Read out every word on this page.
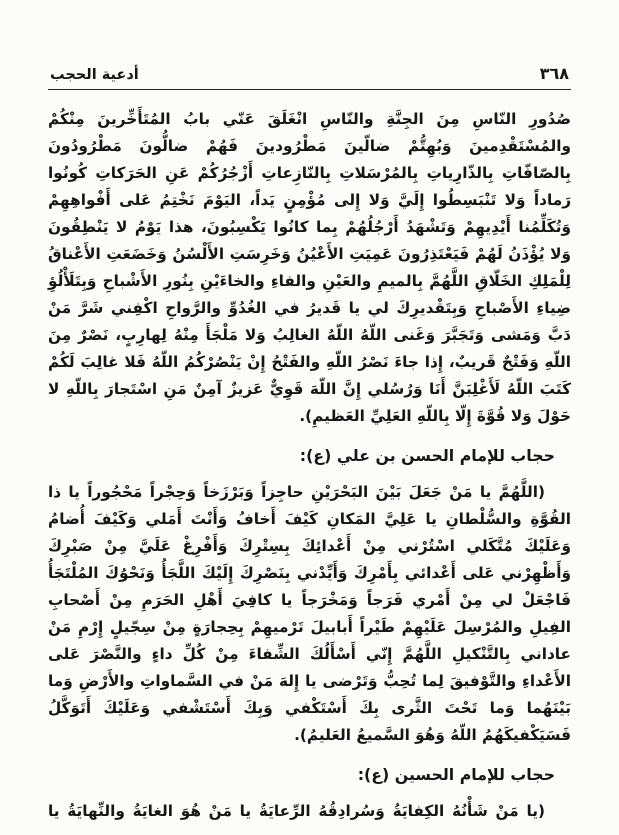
٣٦٨
أدعية الحجب

صُدُورِ النّاسِ مِنَ الجِنَّةِ والنّاسِ انْغَلَقَ عَنّي بابُ المُتَأَخِّرينَ مِنْكُمْ والمُسْتَقْدِمينَ وَبُهِتُّمْ ضالّينَ مَطْرُودينَ فَهُمْ ضالُّونَ مَطْرُودُونَ بِالصّافّاتِ بِالذّارِياتِ بِالمُرْسَلاتِ بِالنّازِعاتِ أَزْجُرُكُمْ عَنِ الحَرَكاتِ كُونُوا رَماداً وَلا تَنْبَسِطُوا إِلَيَّ وَلا إِلى مُؤْمِنٍ يَداً، اليَوْمَ نَخْتِمُ عَلى أَفْواهِهِمْ وَتُكَلِّمُنا أَيْدِيهِمْ وَتَشْهَدُ أَرْجُلُهُمْ بِما كانُوا يَكْسِبُونَ، هذا يَوْمُ لا يَنْطِقُونَ وَلا يُؤْذَنُ لَهُمْ فَيَعْتَذِرُونَ عَمِيَتِ الأَعْيُنُ وَخَرِسَتِ الأَلْسُنُ وَخَضَعَتِ الأَعْناقُ لِلْمَلِكِ الخَلّاقِ اللَّهُمَّ بِالميمِ والعَيْنِ والفاءِ والخاءَيْنِ بِنُورِ الأَشْباحِ وَبِتَلَأْلُؤِ ضِياءِ الأَصْباحِ وَبِتَقْديرِكَ لي يا قَديرُ في الغُدُوِّ والرَّواحِ اكْفِني شَرَّ مَنْ دَبَّ وَمَشى وَتَجَبَّرَ وَغَنى اللّهُ اللّهُ الغالِبُ وَلا مَلْجَأَ مِنْهُ لِهارِبٍ، نَصْرٌ مِنَ اللّهِ وَفَتْحٌ قَريبٌ، إِذا جاءَ نَصْرُ اللّهِ والفَتْحُ إِنْ يَنْصُرْكُمُ اللّهُ فَلا غالِبَ لَكُمْ كَتَبَ اللّهُ لَأَغْلِبَنَّ أَنَا وَرُسُلي إِنَّ اللّهَ قَوِيٌّ عَزيزٌ آمِنٌ مَنِ اسْتَجارَ بِاللّهِ لا حَوْلَ وَلا قُوَّةَ إِلّا بِاللّهِ العَلِيِّ العَظيمِ).

حجاب للإمام الحسن بن علي (ع):

(اللَّهُمَّ يا مَنْ جَعَلَ بَيْنَ البَحْرَيْنِ حاجِزاً وَبَرْزَخاً وَحِجْراً مَحْجُوراً يا ذا القُوَّةِ والسُّلْطانِ يا عَلِيَّ المَكانِ كَيْفَ أَخافُ وَأَنْتَ أَمَلي وَكَيْفَ أُضامُ وَعَلَيْكَ مُتَّكَلي اسْتُرْني مِنْ أَعْدائِكَ بِسِتْرِكَ وَأَفْرِغْ عَلَيَّ مِنْ صَبْرِكَ وَأَظْهِرْني عَلى أَعْدائي بِأَمْرِكَ وَأَيِّدْني بِنَصْرِكَ إِلَيْكَ اللَّجَأُ وَنَحْوُكَ المُلْتَجَأُ فَاجْعَلْ لي مِنْ أَمْري فَرَجاً وَمَخْرَجاً يا كافِيَ أَهْلِ الحَرَمِ مِنْ أَصْحابِ الفِيلِ والمُرْسِلَ عَلَيْهِمْ طَيْراً أَبابيلَ تَرْميهِمْ بِحِجارَةٍ مِنْ سِجّيلٍ إِرْمِ مَنْ عاداني بِالتَّنْكيلِ اللَّهُمَّ إِنّي أَسْأَلُكَ الشِّفاءَ مِنْ كُلِّ داءٍ والنَّصْرَ عَلى الأَعْداءِ والتَّوْفيقَ لِما تُحِبُّ وَتَرْضى يا إِلهَ مَنْ في السَّماواتِ والأَرْضِ وَما بَيْنَهُما وَما تَحْتَ الثَّرى بِكَ أَسْتَكْفي وَبِكَ أَسْتَشْفي وَعَلَيْكَ أَتَوَكَّلُ فَسَيَكْفيكَهُمُ اللّهُ وَهُوَ السَّميعُ العَليمُ).

حجاب للإمام الحسين (ع):

(يا مَنْ شَأْنُهُ الكِفايَةُ وَسُرادِقُهُ الرِّعايَةُ يا مَنْ هُوَ الغايَةُ والنِّهايَةُ يا
